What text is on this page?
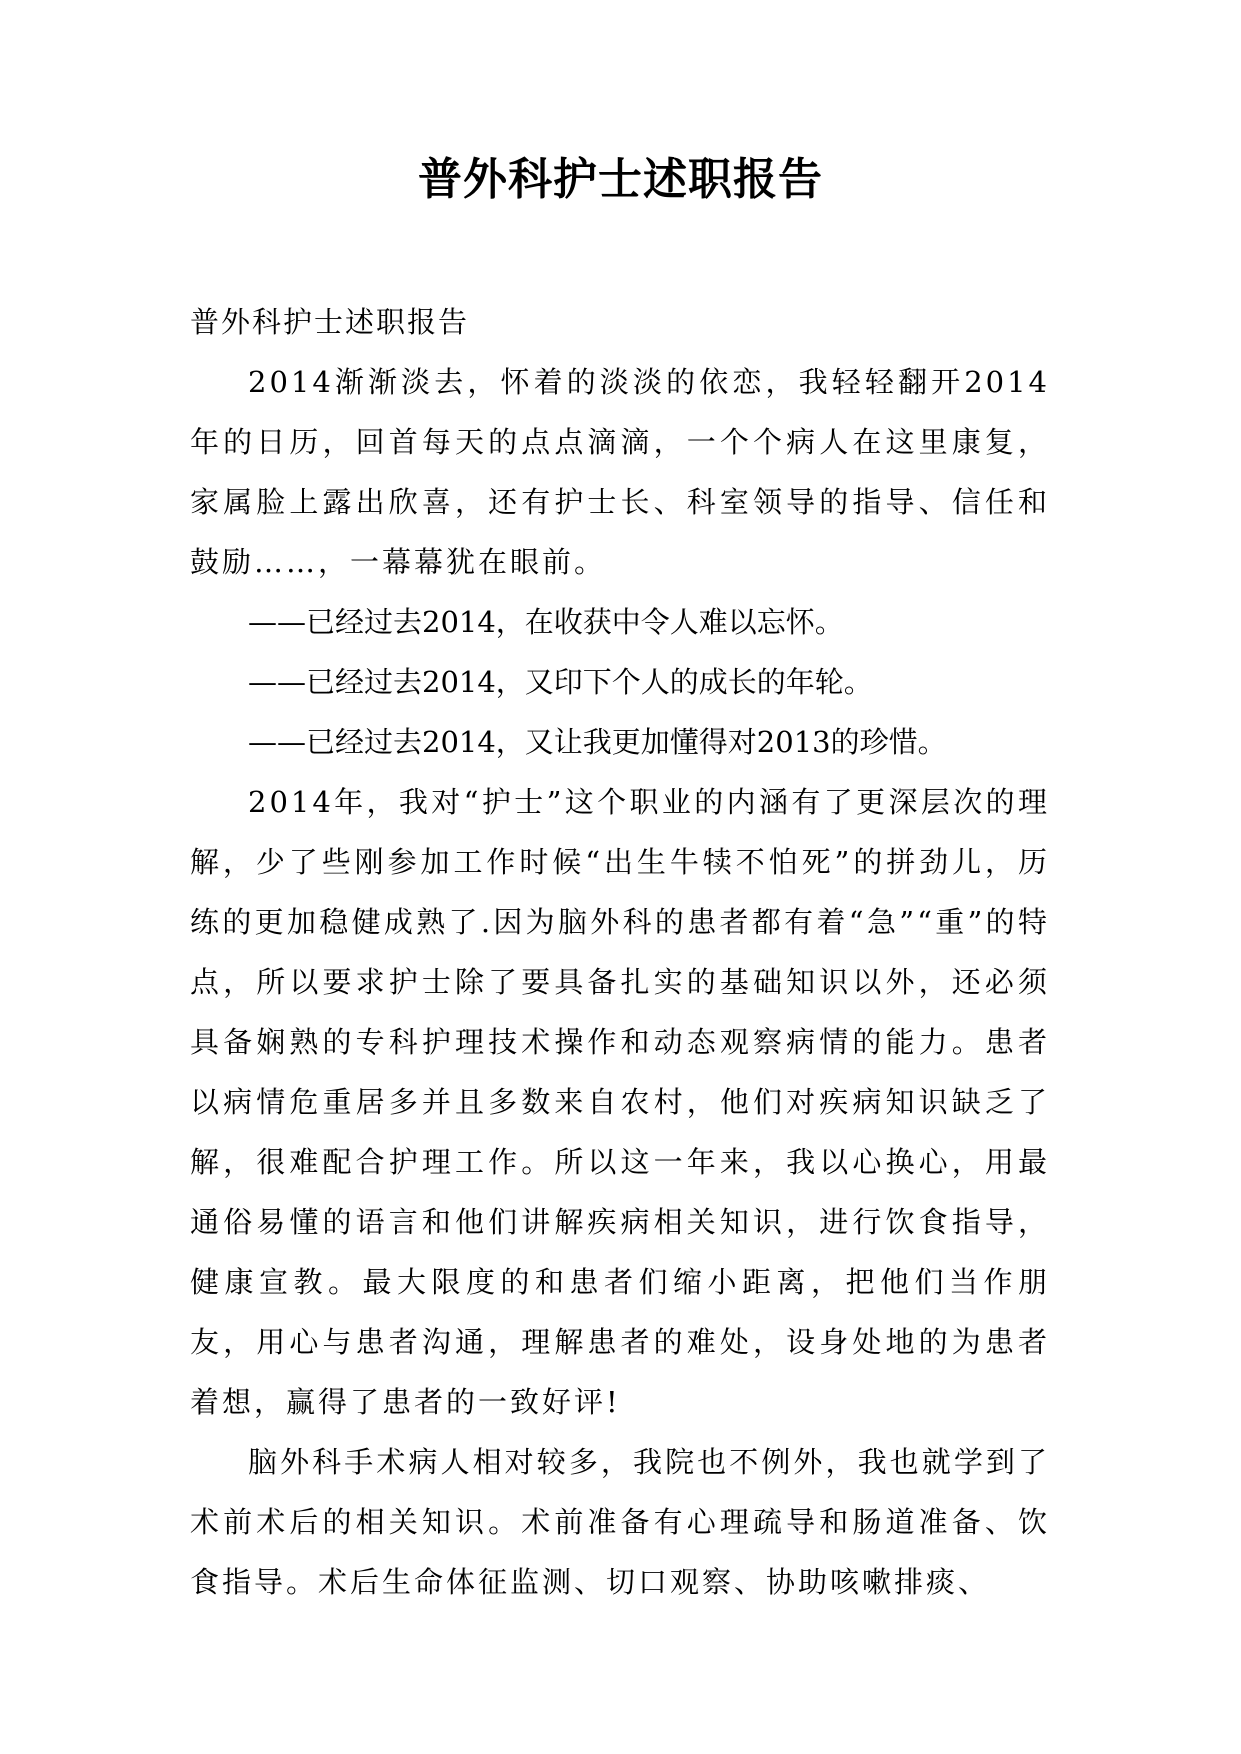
普外科护士述职报告

普外科护士述职报告

2014渐渐淡去，怀着的淡淡的依恋，我轻轻翻开2014年的日历，回首每天的点点滴滴，一个个病人在这里康复，家属脸上露出欣喜，还有护士长、科室领导的指导、信任和鼓励……，一幕幕犹在眼前。

——已经过去2014，在收获中令人难以忘怀。

——已经过去2014，又印下个人的成长的年轮。

——已经过去2014，又让我更加懂得对2013的珍惜。

2014年，我对“护士”这个职业的内涵有了更深层次的理解，少了些刚参加工作时候“出生牛犊不怕死”的拼劲儿，历练的更加稳健成熟了.因为脑外科的患者都有着“急”“重”的特点，所以要求护士除了要具备扎实的基础知识以外，还必须具备娴熟的专科护理技术操作和动态观察病情的能力。患者以病情危重居多并且多数来自农村，他们对疾病知识缺乏了解，很难配合护理工作。所以这一年来，我以心换心，用最通俗易懂的语言和他们讲解疾病相关知识，进行饮食指导，健康宣教。最大限度的和患者们缩小距离，把他们当作朋友，用心与患者沟通，理解患者的难处，设身处地的为患者着想，赢得了患者的一致好评!

脑外科手术病人相对较多，我院也不例外，我也就学到了术前术后的相关知识。术前准备有心理疏导和肠道准备、饮食指导。术后生命体征监测、切口观察、协助咳嗽排痰、
